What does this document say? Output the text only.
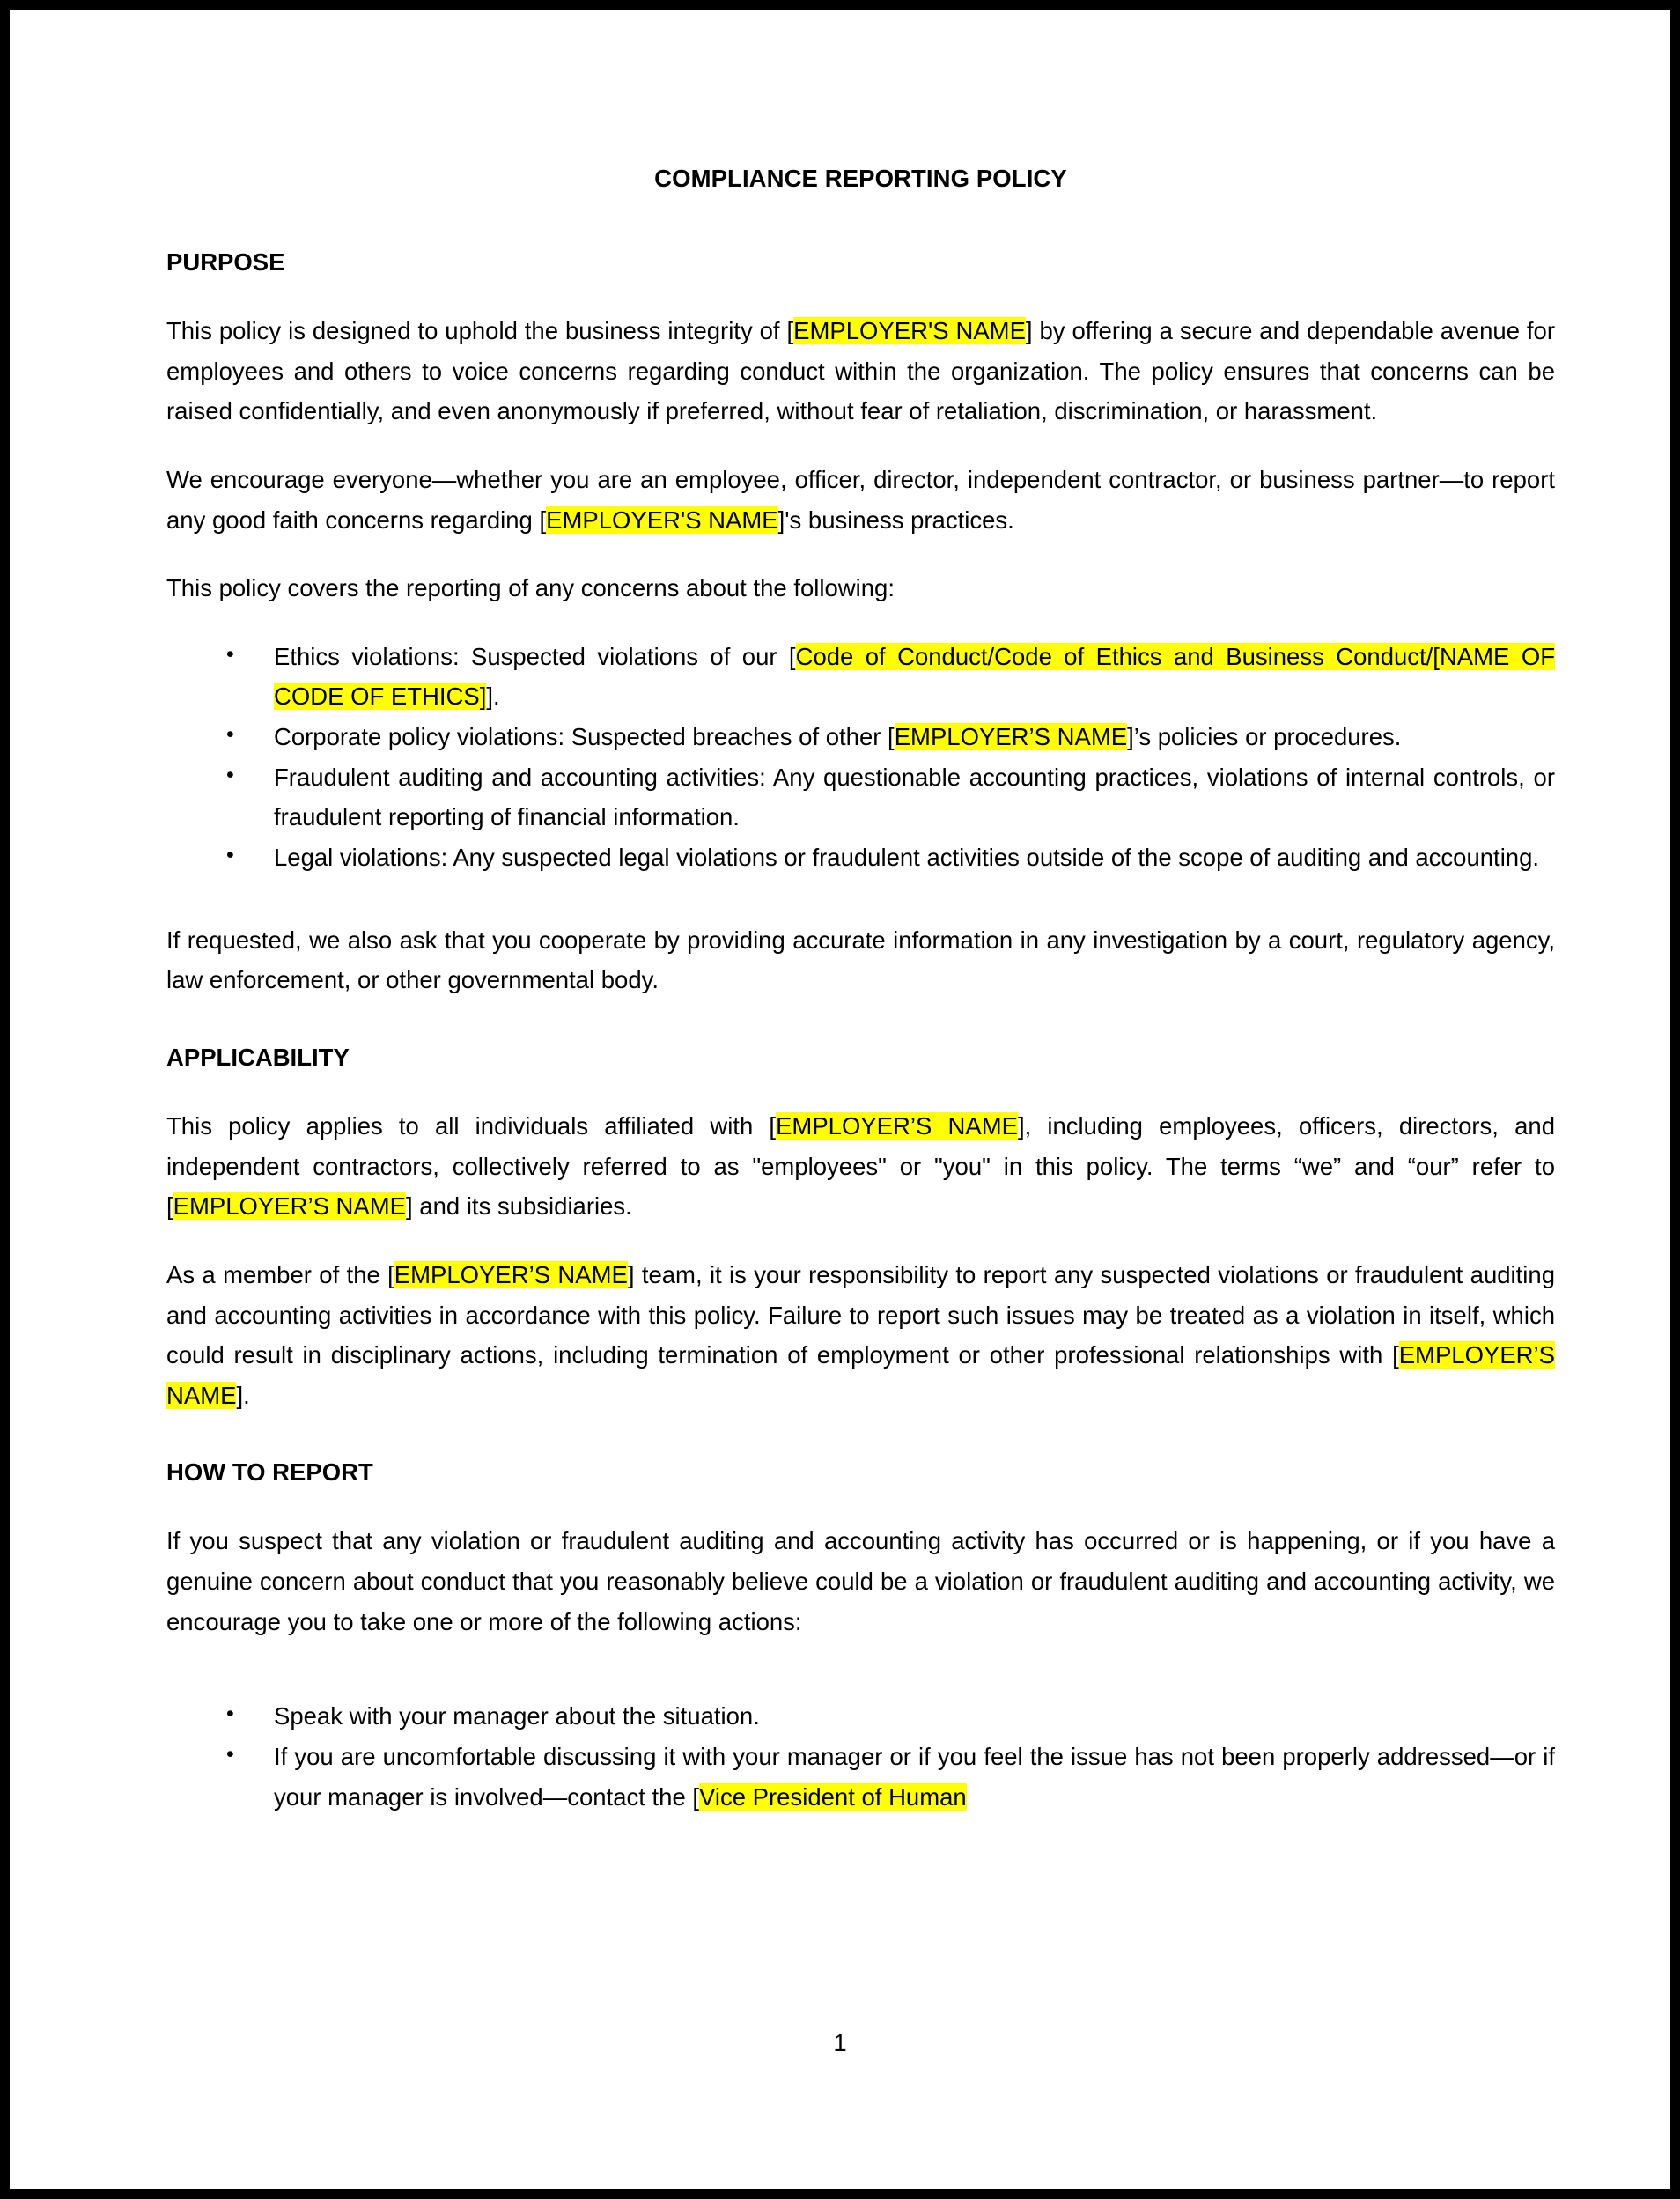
COMPLIANCE REPORTING POLICY
PURPOSE

This policy is designed to uphold the business integrity of [EMPLOYER'S NAME] by offering a secure and dependable avenue for employees and others to voice concerns regarding conduct within the organization. The policy ensures that concerns can be raised confidentially, and even anonymously if preferred, without fear of retaliation, discrimination, or harassment.

We encourage everyone—whether you are an employee, officer, director, independent contractor, or business partner—to report any good faith concerns regarding [EMPLOYER'S NAME]'s business practices.

This policy covers the reporting of any concerns about the following:

• Ethics violations: Suspected violations of our [Code of Conduct/Code of Ethics and Business Conduct/[NAME OF CODE OF ETHICS]].
• Corporate policy violations: Suspected breaches of other [EMPLOYER’S NAME]’s policies or procedures.
• Fraudulent auditing and accounting activities: Any questionable accounting practices, violations of internal controls, or fraudulent reporting of financial information.
• Legal violations: Any suspected legal violations or fraudulent activities outside of the scope of auditing and accounting.

If requested, we also ask that you cooperate by providing accurate information in any investigation by a court, regulatory agency, law enforcement, or other governmental body.

APPLICABILITY

This policy applies to all individuals affiliated with [EMPLOYER’S NAME], including employees, officers, directors, and independent contractors, collectively referred to as "employees" or "you" in this policy. The terms “we” and “our” refer to [EMPLOYER’S NAME] and its subsidiaries.

As a member of the [EMPLOYER’S NAME] team, it is your responsibility to report any suspected violations or fraudulent auditing and accounting activities in accordance with this policy. Failure to report such issues may be treated as a violation in itself, which could result in disciplinary actions, including termination of employment or other professional relationships with [EMPLOYER’S NAME].

HOW TO REPORT

If you suspect that any violation or fraudulent auditing and accounting activity has occurred or is happening, or if you have a genuine concern about conduct that you reasonably believe could be a violation or fraudulent auditing and accounting activity, we encourage you to take one or more of the following actions:

• Speak with your manager about the situation.
• If you are uncomfortable discussing it with your manager or if you feel the issue has not been properly addressed—or if your manager is involved—contact the [Vice President of Human
1
